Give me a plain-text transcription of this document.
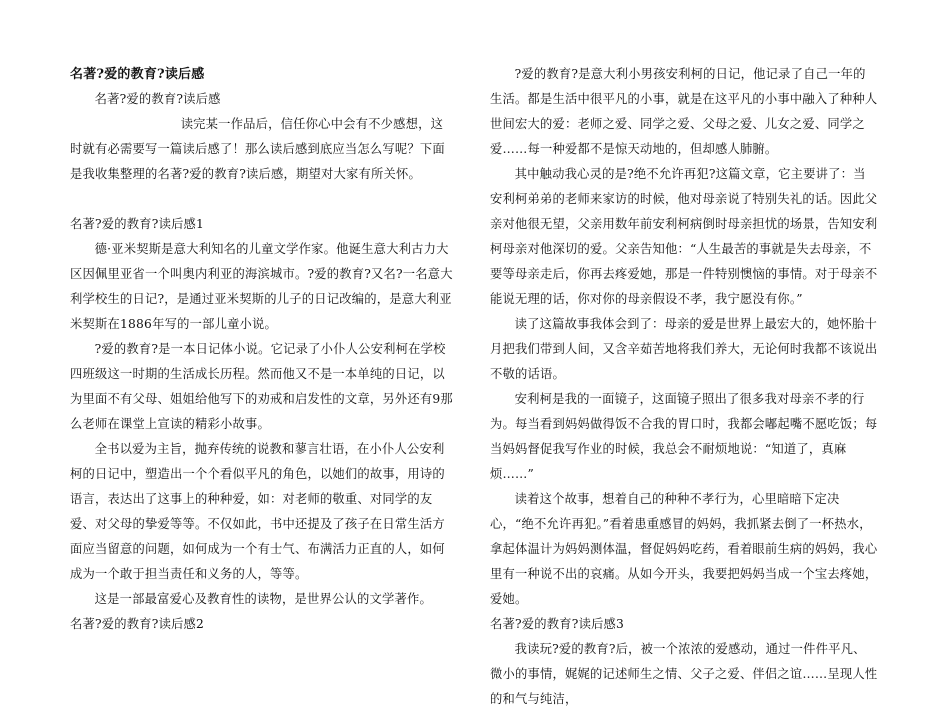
名著?爱的教育?读后感

名著?爱的教育?读后感

读完某一作品后，信任你心中会有不少感想，这时就有必需要写一篇读后感了！那么读后感到底应当怎么写呢？下面是我收集整理的名著?爱的教育?读后感，期望对大家有所关怀。

名著?爱的教育?读后感1

德·亚米契斯是意大利知名的儿童文学作家。他诞生意大利古力大区因佩里亚省一个叫奥内利亚的海滨城市。?爱的教育?又名?一名意大利学校生的日记?，是通过亚米契斯的儿子的日记改编的，是意大利亚米契斯在1886年写的一部儿童小说。

?爱的教育?是一本日记体小说。它记录了小仆人公安利柯在学校四班级这一时期的生活成长历程。然而他又不是一本单纯的日记，以为里面不有父母、姐姐给他写下的劝戒和启发性的文章，另外还有9那么老师在课堂上宣读的精彩小故事。

全书以爱为主旨，抛弃传统的说教和蓼言壮语，在小仆人公安利柯的日记中，塑造出一个个看似平凡的角色，以她们的故事，用诗的语言，表达出了这事上的种种爱，如：对老师的敬重、对同学的友爱、对父母的挚爱等等。不仅如此，书中还提及了孩子在日常生活方面应当留意的问题，如何成为一个有士气、布满活力正直的人，如何成为一个敢于担当责任和义务的人，等等。

这是一部最富爱心及教育性的读物，是世界公认的文学著作。

名著?爱的教育?读后感2

?爱的教育?是意大利小男孩安利柯的日记，他记录了自己一年的生活。都是生活中很平凡的小事，就是在这平凡的小事中融入了种种人世间宏大的爱：老师之爱、同学之爱、父母之爱、儿女之爱、同学之爱……每一种爱都不是惊天动地的，但却感人肺腑。

其中触动我心灵的是?绝不允许再犯?这篇文章，它主要讲了：当安利柯弟弟的老师来家访的时候，他对母亲说了特别失礼的话。因此父亲对他很无望，父亲用数年前安利柯病倒时母亲担忧的场景，告知安利柯母亲对他深切的爱。父亲告知他：“人生最苦的事就是失去母亲，不要等母亲走后，你再去疼爱她，那是一件特别懊恼的事情。对于母亲不能说无理的话，你对你的母亲假设不孝，我宁愿没有你。”

读了这篇故事我体会到了：母亲的爱是世界上最宏大的，她怀胎十月把我们带到人间，又含辛茹苦地将我们养大，无论何时我都不该说出不敬的话语。

安利柯是我的一面镜子，这面镜子照出了很多我对母亲不孝的行为。每当看到妈妈做得饭不合我的胃口时，我都会嘟起嘴不愿吃饭；每当妈妈督促我写作业的时候，我总会不耐烦地说：“知道了，真麻烦……”

读着这个故事，想着自己的种种不孝行为，心里暗暗下定决心，“绝不允许再犯。”看着患重感冒的妈妈，我抓紧去倒了一杯热水，拿起体温计为妈妈测体温，督促妈妈吃药，看着眼前生病的妈妈，我心里有一种说不出的哀痛。从如今开头，我要把妈妈当成一个宝去疼她，爱她。

名著?爱的教育?读后感3

我读玩?爱的教育?后，被一个浓浓的爱感动，通过一件件平凡、微小的事情，娓娓的记述师生之情、父子之爱、伴侣之谊……呈现人性的和气与纯洁，
